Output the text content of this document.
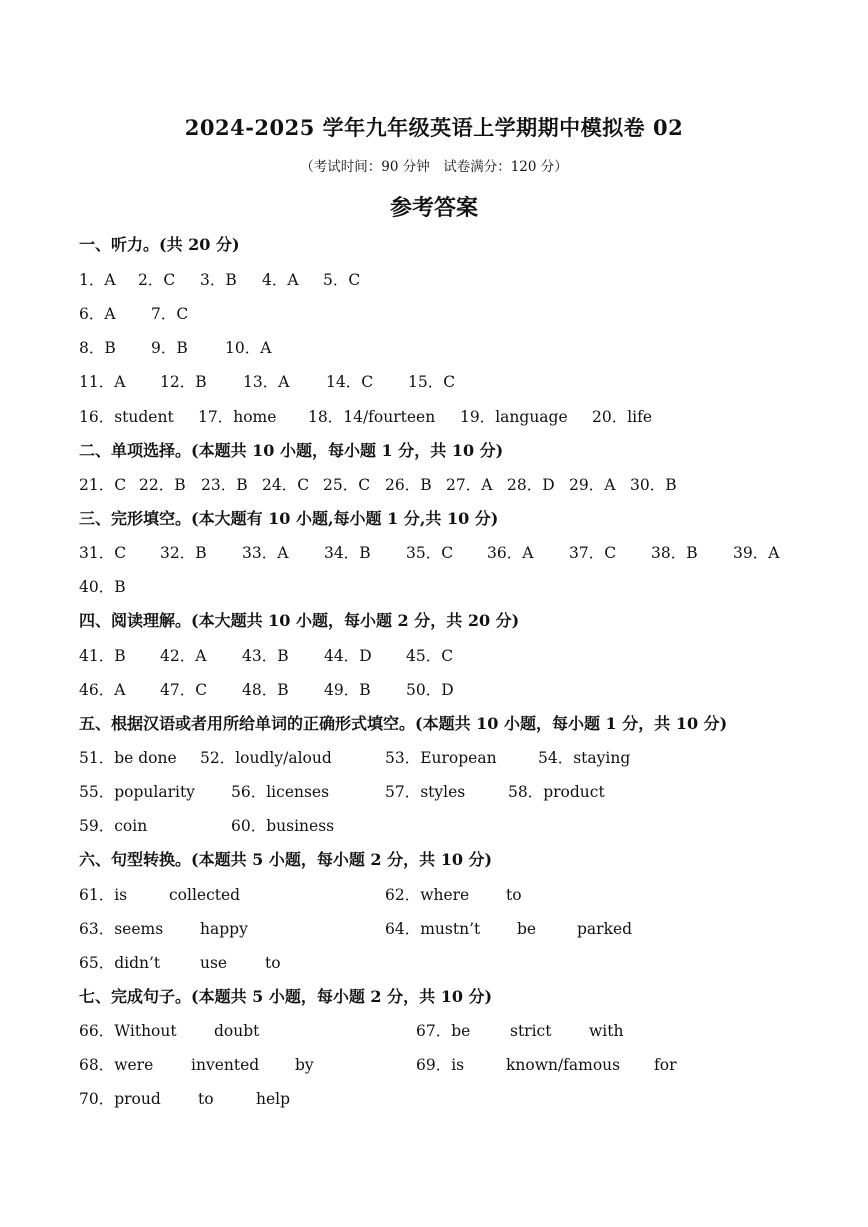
2024-2025 学年九年级英语上学期期中模拟卷 02
（考试时间：90 分钟　试卷满分：120 分）
参考答案
一、听力。(共 20 分)
1．A 2．C 3．B 4．A 5．C
6．A 7．C
8．B 9．B 10．A
11．A 12．B 13．A 14．C 15．C
16．student 17．home 18．14/fourteen 19．language 20．life
二、单项选择。(本题共 10 小题，每小题 1 分，共 10 分)
21．C 22．B 23．B 24．C 25．C 26．B 27．A 28．D 29．A 30．B
三、完形填空。(本大题有 10 小题,每小题 1 分,共 10 分)
31．C 32．B 33．A 34．B 35．C 36．A 37．C 38．B 39．A
40．B
四、阅读理解。(本大题共 10 小题，每小题 2 分，共 20 分)
41．B 42．A 43．B 44．D 45．C
46．A 47．C 48．B 49．B 50．D
五、根据汉语或者用所给单词的正确形式填空。(本题共 10 小题，每小题 1 分，共 10 分)
51．be done 52．loudly/aloud	53．European	54．staying
55．popularity 56．licenses	57．styles	58．product
59．coin	60．business
六、句型转换。(本题共 5 小题，每小题 2 分，共 10 分)
61．is	collected	62．where to
63．seems happy	64．mustn’t be	parked
65．didn’t	use to
七、完成句子。(本题共 5 小题，每小题 2 分，共 10 分)
66．Without doubt	67．be	strict with
68．were invented by	69．is	known/famous for
70．proud to	help
